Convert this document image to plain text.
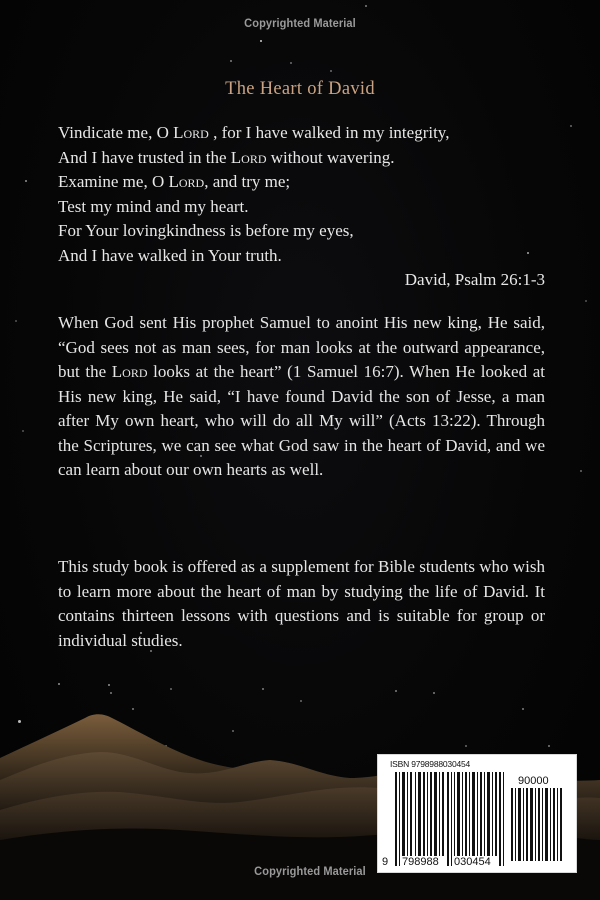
Copyrighted Material
The Heart of David
Vindicate me, O Lord , for I have walked in my integrity,
And I have trusted in the Lord without wavering.
Examine me, O Lord, and try me;
Test my mind and my heart.
For Your lovingkindness is before my eyes,
And I have walked in Your truth.
David, Psalm 26:1-3
When God sent His prophet Samuel to anoint His new king, He said, “God sees not as man sees, for man looks at the outward appearance, but the Lord looks at the heart” (1 Samuel 16:7). When He looked at His new king, He said, “I have found David the son of Jesse, a man after My own heart, who will do all My will” (Acts 13:22). Through the Scriptures, we can see what God saw in the heart of David, and we can learn about our own hearts as well.
This study book is offered as a supplement for Bible students who wish to learn more about the heart of man by studying the life of David. It contains thirteen lessons with questions and is suitable for group or individual studies.
ISBN 9798988030454
90000
9 798988 030454
Copyrighted Material
